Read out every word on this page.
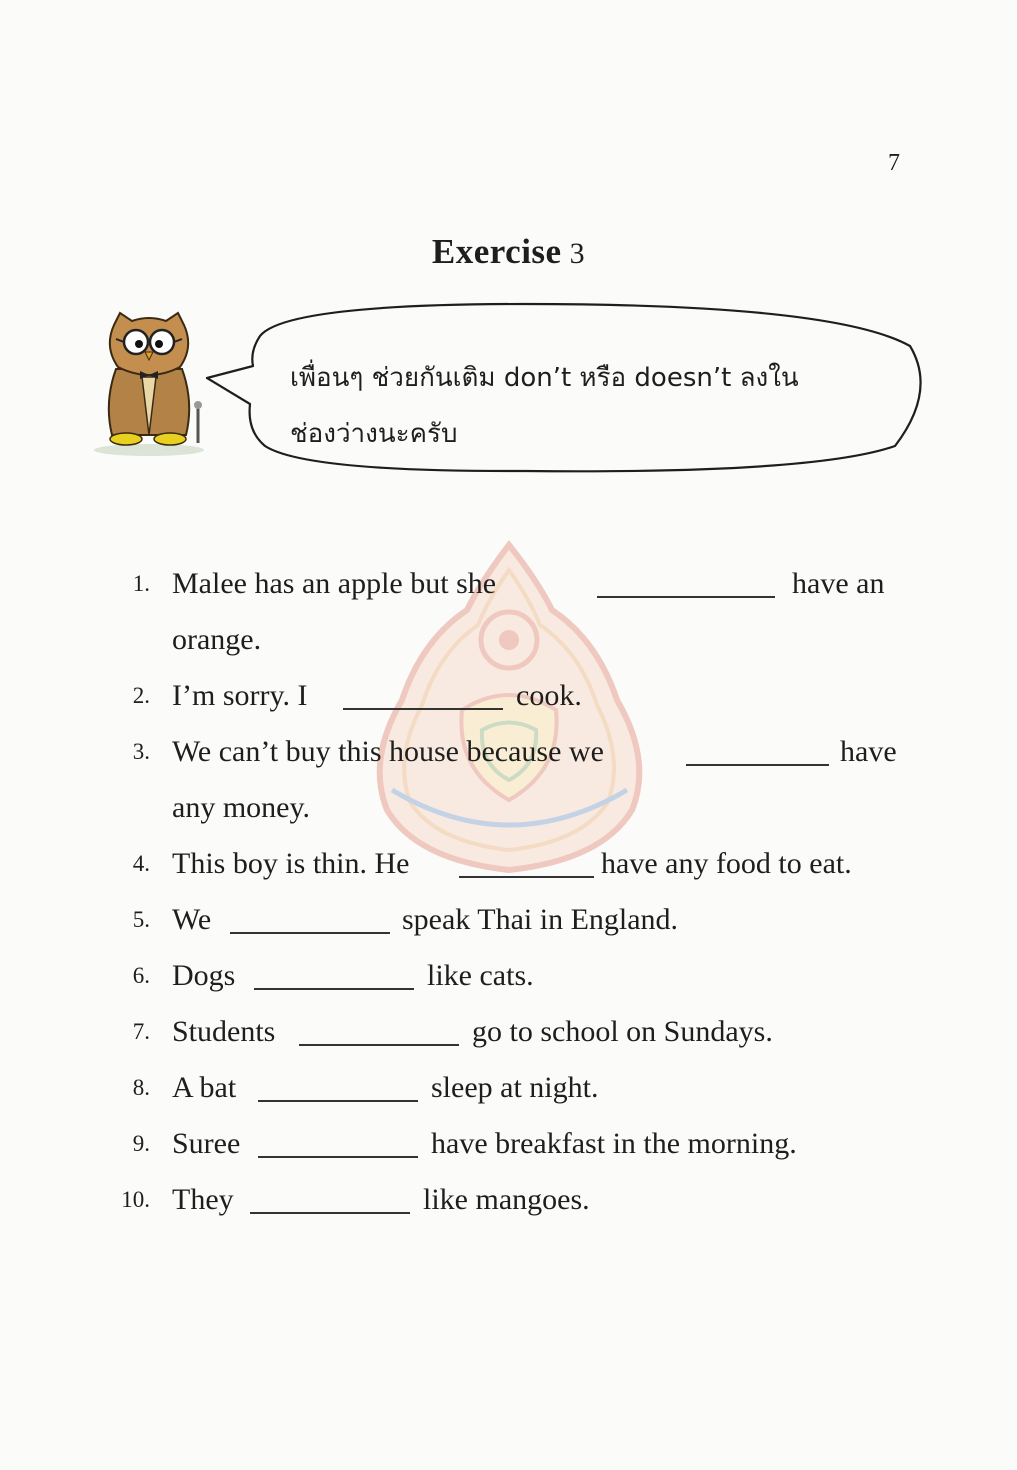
7
Exercise 3
เพื่อนๆ ช่วยกันเติม don’t หรือ doesn’t ลงใน
ช่องว่างนะครับ
1. Malee has an apple but she	have an
orange.
2. I’m sorry. I	cook.
3. We can’t buy this house because we	have
any money.
4. This boy is thin. He	have any food to eat.
5. We	speak Thai in England.
6. Dogs	like cats.
7. Students	go to school on Sundays.
8. A bat	sleep at night.
9. Suree	have breakfast in the morning.
10. They	like mangoes.
